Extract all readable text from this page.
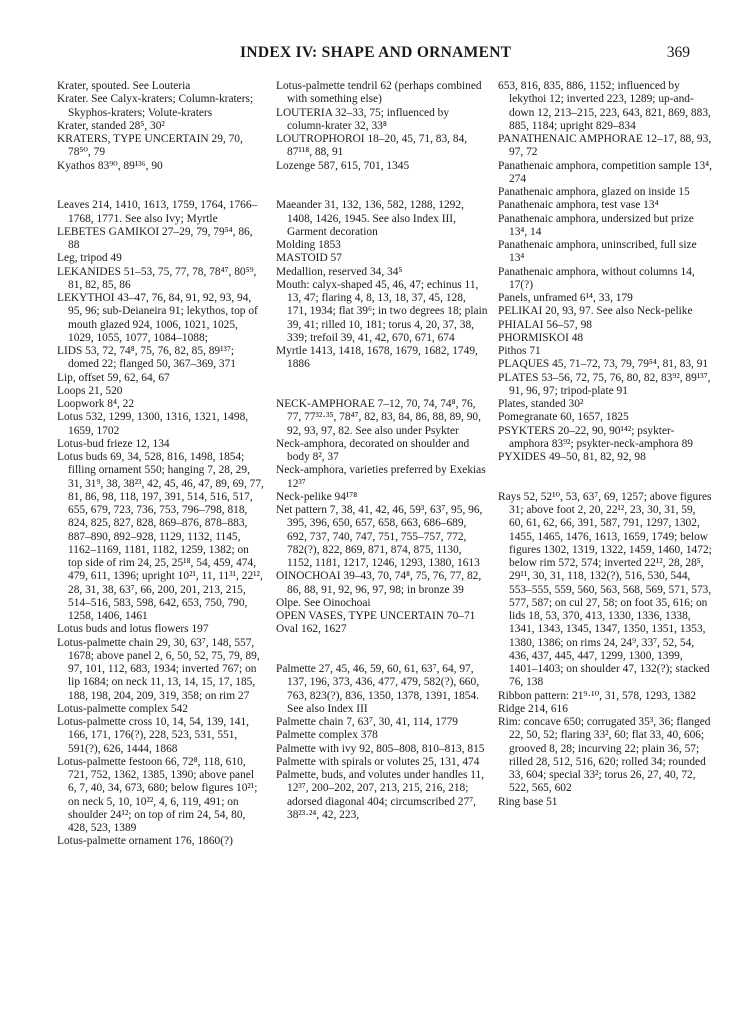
INDEX IV: SHAPE AND ORNAMENT	369

Krater, spouted. See Louteria

Krater. See Calyx-kraters; Column-kraters; Skyphos-kraters; Volute-kraters

Krater, standed 28⁵, 30²

KRATERS, TYPE UNCERTAIN 29, 70, 78⁵⁰, 79

Kyathos 83⁹⁰, 89¹³⁶, 90

Leaves 214, 1410, 1613, 1759, 1764, 1766–1768, 1771. See also Ivy; Myrtle

LEBETES GAMIKOI 27–29, 79, 79⁵⁴, 86, 88

Leg, tripod 49

LEKANIDES 51–53, 75, 77, 78, 78⁴⁷, 80⁵⁹, 81, 82, 85, 86

LEKYTHOI 43–47, 76, 84, 91, 92, 93, 94, 95, 96; sub-Deianeira 91; lekythos, top of mouth glazed 924, 1006, 1021, 1025, 1029, 1055, 1077, 1084–1088;

LIDS 53, 72, 74⁸, 75, 76, 82, 85, 89¹³⁷; domed 22; flanged 50, 367–369, 371

Lip, offset 59, 62, 64, 67

Loops 21, 520

Loopwork 8⁴, 22

Lotus 532, 1299, 1300, 1316, 1321, 1498, 1659, 1702

Lotus-bud frieze 12, 134

Lotus buds 69, 34, 528, 816, 1498, 1854; filling ornament 550; hanging 7, 28, 29, 31, 31⁹, 38, 38²³, 42, 45, 46, 47, 89, 69, 77, 81, 86, 98, 118, 197, 391, 514, 516, 517, 655, 679, 723, 736, 753, 796–798, 818, 824, 825, 827, 828, 869–876, 878–883, 887–890, 892–928, 1129, 1132, 1145, 1162–1169, 1181, 1182, 1259, 1382; on top side of rim 24, 25, 25¹⁸, 54, 459, 474, 479, 611, 1396; upright 10²¹, 11, 11³¹, 22¹², 28, 31, 38, 63⁷, 66, 200, 201, 213, 215, 514–516, 583, 598, 642, 653, 750, 790, 1258, 1406, 1461

Lotus buds and lotus flowers 197

Lotus-palmette chain 29, 30, 63⁷, 148, 557, 1678; above panel 2, 6, 50, 52, 75, 79, 89, 97, 101, 112, 683, 1934; inverted 767; on lip 1684; on neck 11, 13, 14, 15, 17, 185, 188, 198, 204, 209, 319, 358; on rim 27

Lotus-palmette complex 542

Lotus-palmette cross 10, 14, 54, 139, 141, 166, 171, 176(?), 228, 523, 531, 551, 591(?), 626, 1444, 1868

Lotus-palmette festoon 66, 72⁸, 118, 610, 721, 752, 1362, 1385, 1390; above panel 6, 7, 40, 34, 673, 680; below figures 10²¹; on neck 5, 10, 10²², 4, 6, 119, 491; on shoulder 24¹²; on top of rim 24, 54, 80, 428, 523, 1389

Lotus-palmette ornament 176, 1860(?)

Lotus-palmette tendril 62 (perhaps combined with something else)

LOUTERIA 32–33, 75; influenced by column-krater 32, 33⁸

LOUTROPHOROI 18–20, 45, 71, 83, 84, 87¹¹⁸, 88, 91

Lozenge 587, 615, 701, 1345

Maeander 31, 132, 136, 582, 1288, 1292, 1408, 1426, 1945. See also Index III, Garment decoration

Molding 1853

MASTOID 57

Medallion, reserved 34, 34⁵

Mouth: calyx-shaped 45, 46, 47; echinus 11, 13, 47; flaring 4, 8, 13, 18, 37, 45, 128, 171, 1934; flat 39⁶; in two degrees 18; plain 39, 41; rilled 10, 181; torus 4, 20, 37, 38, 339; trefoil 39, 41, 42, 670, 671, 674

Myrtle 1413, 1418, 1678, 1679, 1682, 1749, 1886

NECK-AMPHORAE 7–12, 70, 74, 74⁸, 76, 77, 77³²·³⁵, 78⁴⁷, 82, 83, 84, 86, 88, 89, 90, 92, 93, 97, 82. See also under Psykter

Neck-amphora, decorated on shoulder and body 8², 37

Neck-amphora, varieties preferred by Exekias 12³⁷

Neck-pelike 94¹⁷⁸

Net pattern 7, 38, 41, 42, 46, 59³, 63⁷, 95, 96, 395, 396, 650, 657, 658, 663, 686–689, 692, 737, 740, 747, 751, 755–757, 772, 782(?), 822, 869, 871, 874, 875, 1130, 1152, 1181, 1217, 1246, 1293, 1380, 1613

OINOCHOAI 39–43, 70, 74⁸, 75, 76, 77, 82, 86, 88, 91, 92, 96, 97, 98; in bronze 39

Olpe. See Oinochoai

OPEN VASES, TYPE UNCERTAIN 70–71

Oval 162, 1627

Palmette 27, 45, 46, 59, 60, 61, 63⁷, 64, 97, 137, 196, 373, 436, 477, 479, 582(?), 660, 763, 823(?), 836, 1350, 1378, 1391, 1854. See also Index III

Palmette chain 7, 63⁷, 30, 41, 114, 1779

Palmette complex 378

Palmette with ivy 92, 805–808, 810–813, 815

Palmette with spirals or volutes 25, 131, 474

Palmette, buds, and volutes under handles 11, 12³⁷, 200–202, 207, 213, 215, 216, 218; adorsed diagonal 404; circumscribed 27⁷, 38²³·²⁴, 42, 223,

653, 816, 835, 886, 1152; influenced by lekythoi 12; inverted 223, 1289; up-and-down 12, 213–215, 223, 643, 821, 869, 883, 885, 1184; upright 829–834

PANATHENAIC AMPHORAE 12–17, 88, 93, 97, 72

Panathenaic amphora, competition sample 13⁴, 274

Panathenaic amphora, glazed on inside 15

Panathenaic amphora, test vase 13⁴

Panathenaic amphora, undersized but prize 13⁴, 14

Panathenaic amphora, uninscribed, full size 13⁴

Panathenaic amphora, without columns 14, 17(?)

Panels, unframed 6¹⁴, 33, 179

PELIKAI 20, 93, 97. See also Neck-pelike

PHIALAI 56–57, 98

PHORMISKOI 48

Pithos 71

PLAQUES 45, 71–72, 73, 79, 79⁵⁴, 81, 83, 91

PLATES 53–56, 72, 75, 76, 80, 82, 83⁹², 89¹³⁷, 91, 96, 97; tripod-plate 91

Plates, standed 30²

Pomegranate 60, 1657, 1825

PSYKTERS 20–22, 90, 90¹⁴²; psykter-amphora 83⁹²; psykter-neck-amphora 89

PYXIDES 49–50, 81, 82, 92, 98

Rays 52, 52¹⁰, 53, 63⁷, 69, 1257; above figures 31; above foot 2, 20, 22¹², 23, 30, 31, 59, 60, 61, 62, 66, 391, 587, 791, 1297, 1302, 1455, 1465, 1476, 1613, 1659, 1749; below figures 1302, 1319, 1322, 1459, 1460, 1472; below rim 572, 574; inverted 22¹², 28, 28⁵, 29¹¹, 30, 31, 118, 132(?), 516, 530, 544, 553–555, 559, 560, 563, 568, 569, 571, 573, 577, 587; on cul 27, 58; on foot 35, 616; on lids 18, 53, 370, 413, 1330, 1336, 1338, 1341, 1343, 1345, 1347, 1350, 1351, 1353, 1380, 1386; on rims 24, 24⁹, 33⁷, 52, 54, 436, 437, 445, 447, 1299, 1300, 1399, 1401–1403; on shoulder 47, 132(?); stacked 76, 138

Ribbon pattern: 21⁹·¹⁰, 31, 578, 1293, 1382

Ridge 214, 616

Rim: concave 650; corrugated 35³, 36; flanged 22, 50, 52; flaring 33², 60; flat 33, 40, 606; grooved 8, 28; incurving 22; plain 36, 57; rilled 28, 512, 516, 620; rolled 34; rounded 33, 604; special 33²; torus 26, 27, 40, 72, 522, 565, 602

Ring base 51
